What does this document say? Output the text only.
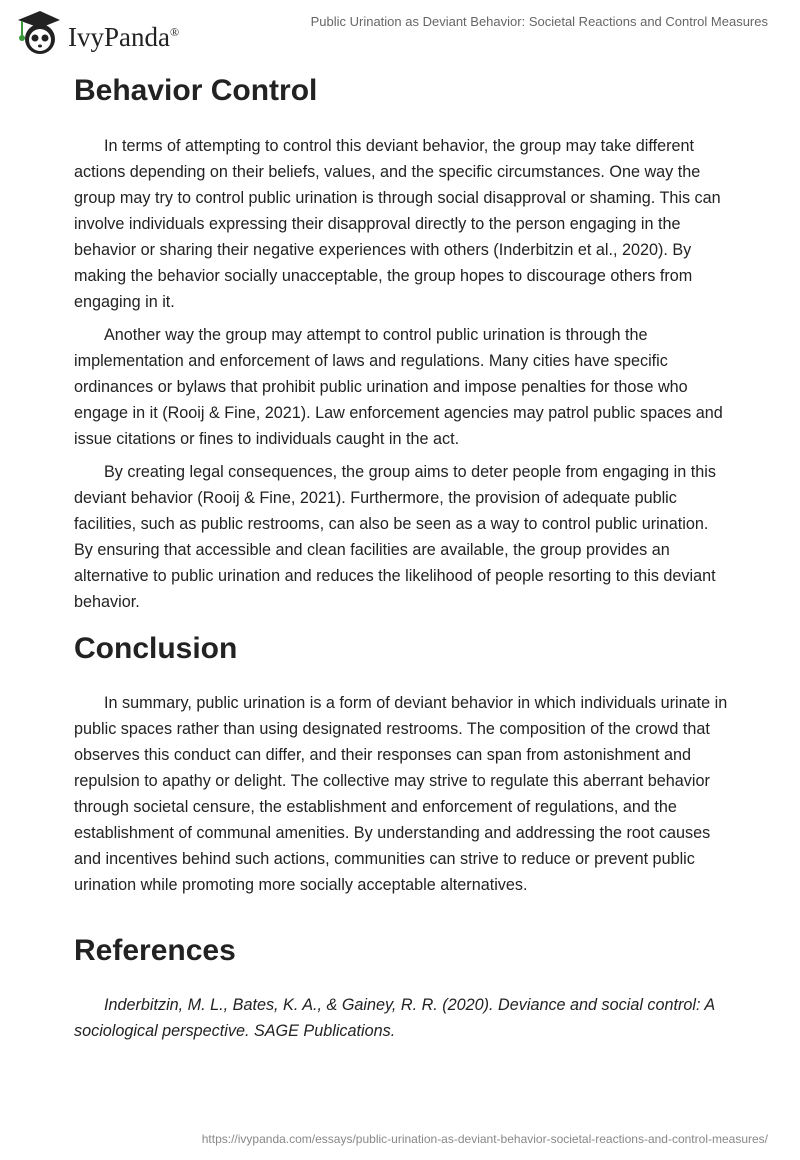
IvyPanda®
Public Urination as Deviant Behavior: Societal Reactions and Control Measures
Behavior Control

In terms of attempting to control this deviant behavior, the group may take different actions depending on their beliefs, values, and the specific circumstances. One way the group may try to control public urination is through social disapproval or shaming. This can involve individuals expressing their disapproval directly to the person engaging in the behavior or sharing their negative experiences with others (Inderbitzin et al., 2020). By making the behavior socially unacceptable, the group hopes to discourage others from engaging in it.

Another way the group may attempt to control public urination is through the implementation and enforcement of laws and regulations. Many cities have specific ordinances or bylaws that prohibit public urination and impose penalties for those who engage in it (Rooij & Fine, 2021). Law enforcement agencies may patrol public spaces and issue citations or fines to individuals caught in the act.

By creating legal consequences, the group aims to deter people from engaging in this deviant behavior (Rooij & Fine, 2021). Furthermore, the provision of adequate public facilities, such as public restrooms, can also be seen as a way to control public urination. By ensuring that accessible and clean facilities are available, the group provides an alternative to public urination and reduces the likelihood of people resorting to this deviant behavior.

Conclusion

In summary, public urination is a form of deviant behavior in which individuals urinate in public spaces rather than using designated restrooms. The composition of the crowd that observes this conduct can differ, and their responses can span from astonishment and repulsion to apathy or delight. The collective may strive to regulate this aberrant behavior through societal censure, the establishment and enforcement of regulations, and the establishment of communal amenities. By understanding and addressing the root causes and incentives behind such actions, communities can strive to reduce or prevent public urination while promoting more socially acceptable alternatives.

References

Inderbitzin, M. L., Bates, K. A., & Gainey, R. R. (2020). Deviance and social control: A sociological perspective. SAGE Publications.

https://ivypanda.com/essays/public-urination-as-deviant-behavior-societal-reactions-and-control-measures/
